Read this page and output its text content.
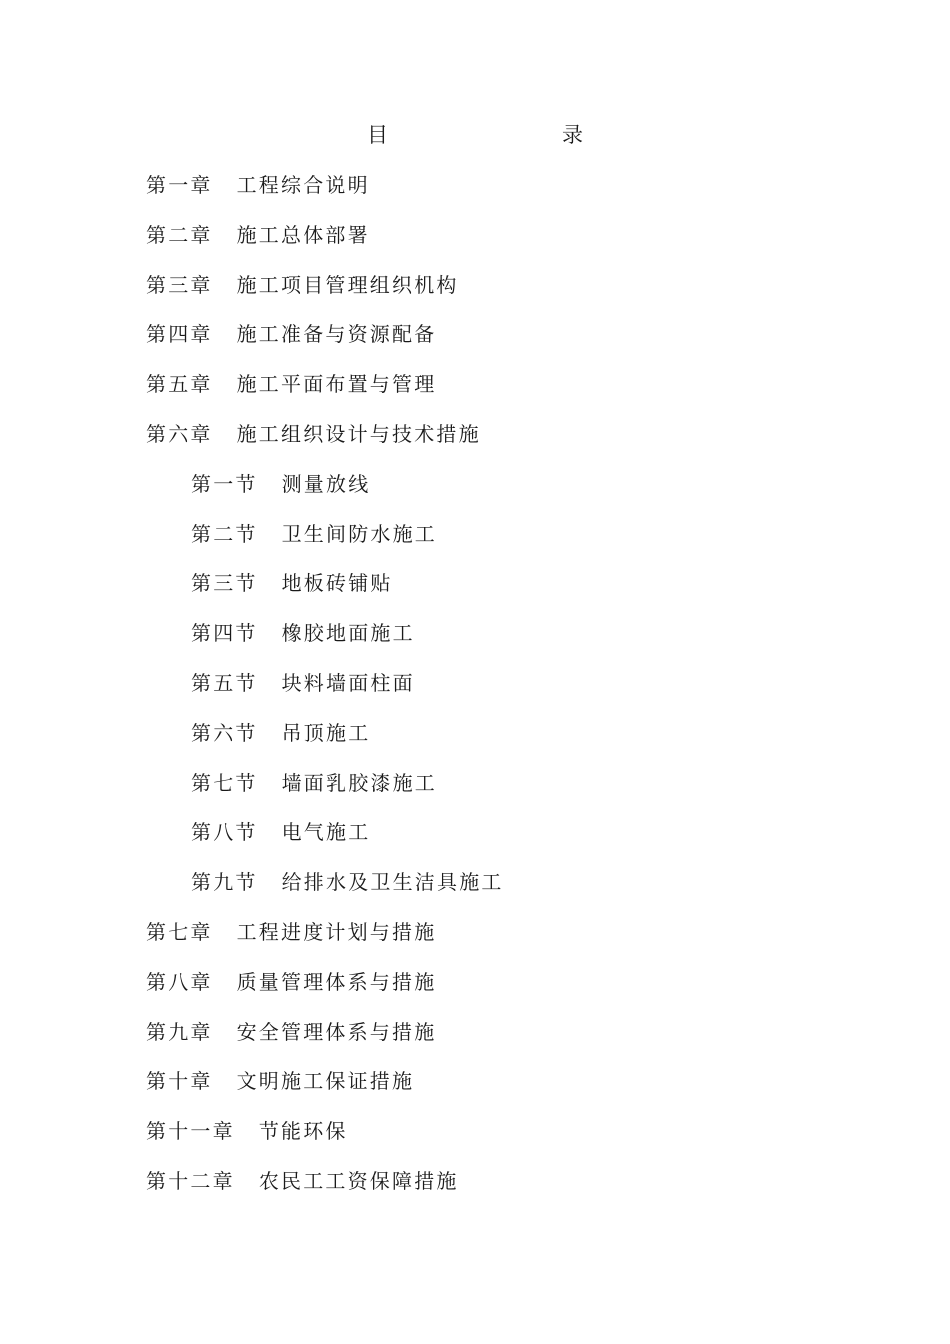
目　　录
第一章 工程综合说明
第二章 施工总体部署
第三章 施工项目管理组织机构
第四章 施工准备与资源配备
第五章 施工平面布置与管理
第六章 施工组织设计与技术措施
第一节 测量放线
第二节 卫生间防水施工
第三节 地板砖铺贴
第四节 橡胶地面施工
第五节 块料墙面柱面
第六节 吊顶施工
第七节 墙面乳胶漆施工
第八节 电气施工
第九节 给排水及卫生洁具施工
第七章 工程进度计划与措施
第八章 质量管理体系与措施
第九章 安全管理体系与措施
第十章 文明施工保证措施
第十一章 节能环保
第十二章 农民工工资保障措施
